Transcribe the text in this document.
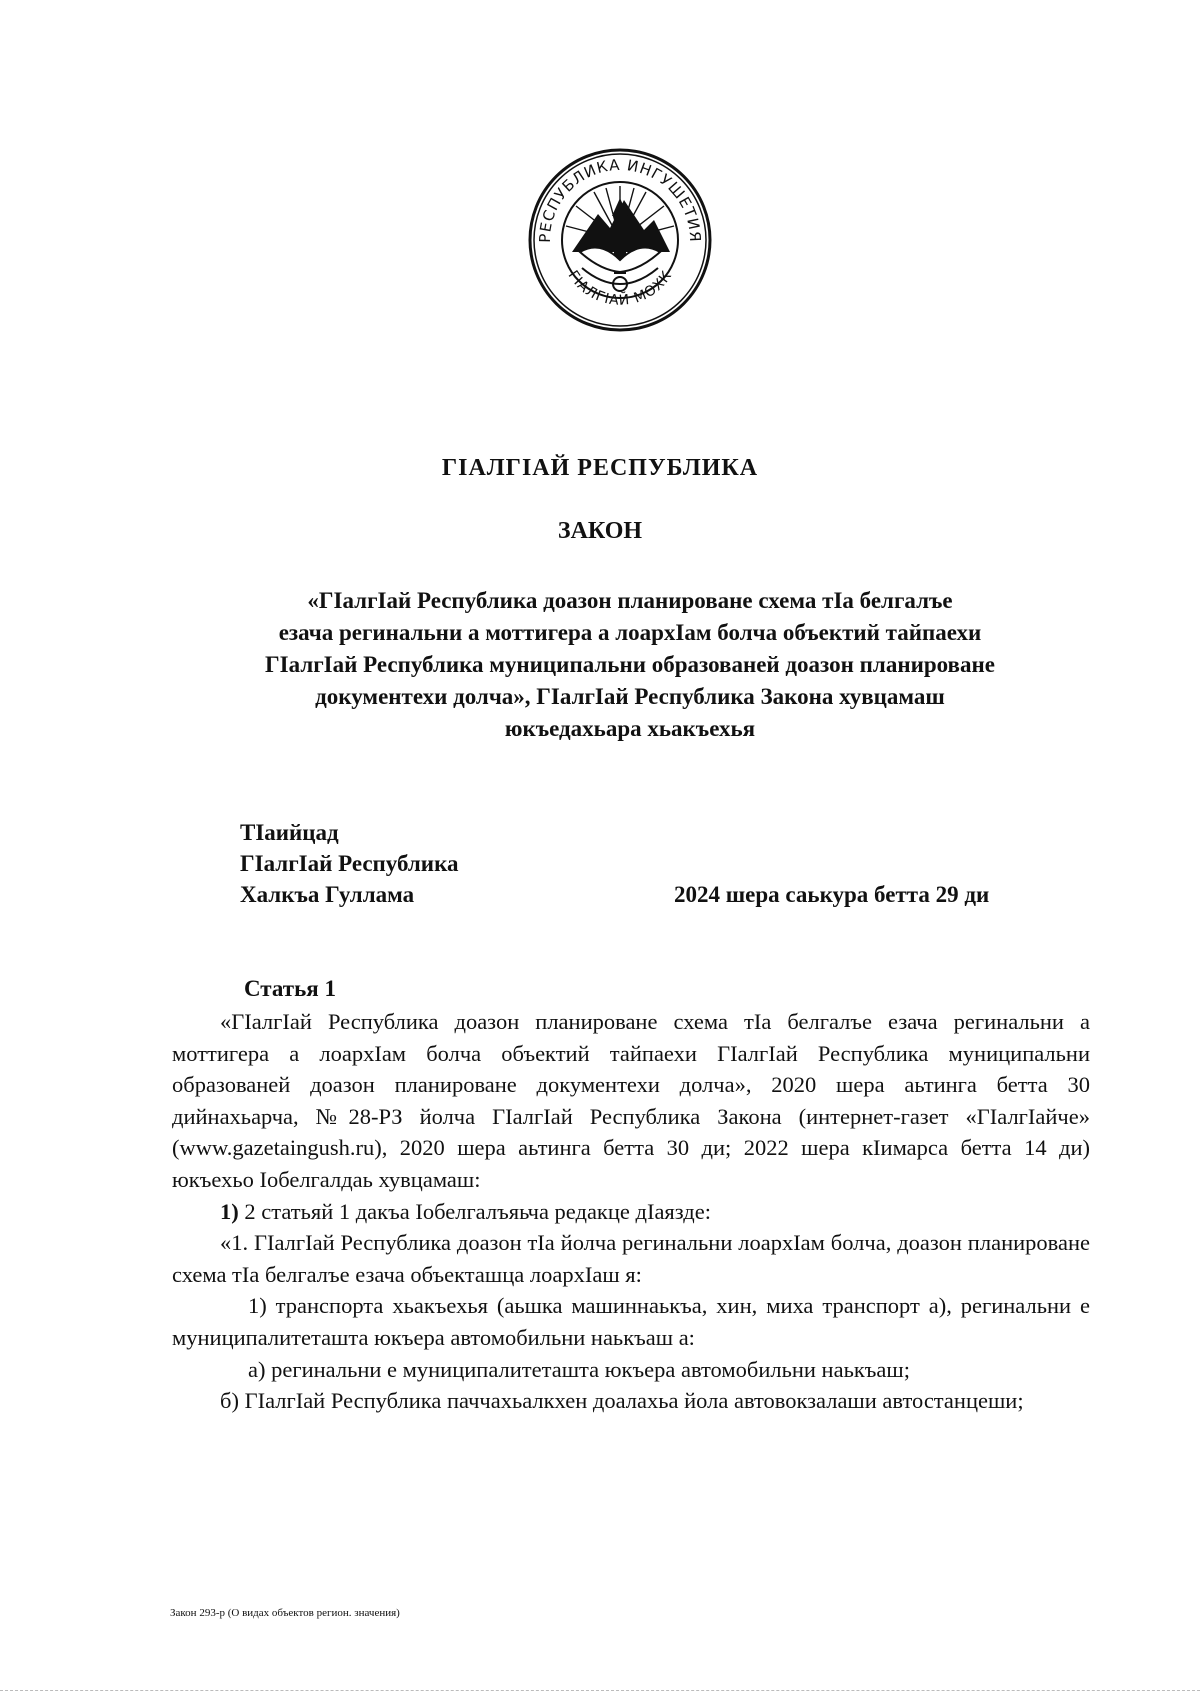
РЕСПУБЛИКА ИНГУШЕТИЯ
ГIАЛГIАЙ МОХК
ГIАЛГIАЙ РЕСПУБЛИКА
ЗАКОН
«ГIалгIай Республика доазон планироване схема тIа белгалъе
езача регинальни а моттигера а лоархIам болча объектий тайпаехи
ГIалгIай Республика муниципальни образованей доазон планироване
документехи долча», ГIалгIай Республика Закона хувцамаш
юкъедахьара хьакъехья
ТIаийцад
ГIалгIай Республика
Халкъа Гуллама	2024 шера саькура бетта 29 ди
Статья 1

«ГIалгIай Республика доазон планироване схема тIа белгалъе езача регинальни а моттигера а лоархIам болча объектий тайпаехи ГIалгIай Республика муниципальни образованей доазон планироване документехи долча», 2020 шера аьтинга бетта 30 дийнахьарча, №28-РЗ йолча ГIалгIай Республика Закона (интернет-газет «ГIалгIайче» (www.gazetaingush.ru), 2020 шера аьтинга бетта 30 ди; 2022 шера кIимарса бетта 14 ди) юкъехьо Iобелгалдаь хувцамаш:

1) 2 статьяй 1 дакъа Iобелгалъяьча редакце дIаязде:

«1. ГIалгIай Республика доазон тIа йолча регинальни лоархIам болча, доазон планироване схема тIа белгалъе езача объекташца лоархIаш я:

1) транспорта хьакъехья (аьшка машиннаькъа, хин, миха транспорт а), регинальни е муниципалитеташта юкъера автомобильни наькъаш а:

а) регинальни е муниципалитеташта юкъера автомобильни наькъаш;

б) ГIалгIай Республика паччахьалкхен доалахьа йола автовокзалаши автостанцеши;

Закон 293-р (О видах объектов регион. значения)
